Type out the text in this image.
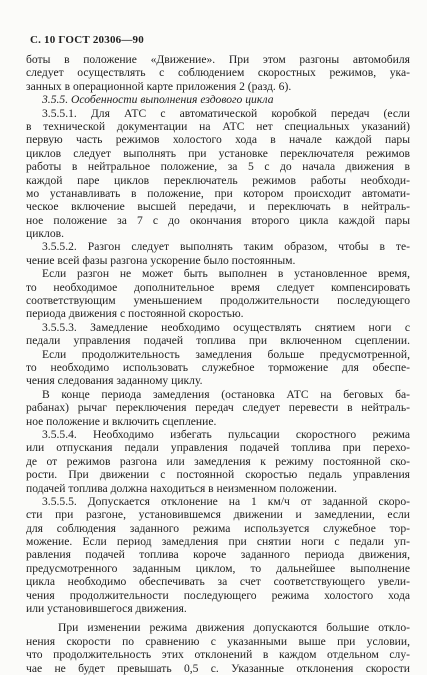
С. 10 ГОСТ 20306—90
боты в положение «Движение». При этом разгоны автомобиля
следует осуществлять с соблюдением скоростных режимов, ука-
занных в операционной карте приложения 2 (разд. 6).
3.5.5. Особенности выполнения ездового цикла
3.5.5.1. Для АТС с автоматической коробкой передач (если
в технической документации на АТС нет специальных указаний)
первую часть режимов холостого хода в начале каждой пары
циклов следует выполнять при установке переключателя режимов
работы в нейтральное положение, за 5 с до начала движения в
каждой паре циклов переключатель режимов работы необходи-
мо устанавливать в положение, при котором происходит автомати-
ческое включение высшей передачи, и переключать в нейтраль-
ное положение за 7 с до окончания второго цикла каждой пары
циклов.
3.5.5.2. Разгон следует выполнять таким образом, чтобы в те-
чение всей фазы разгона ускорение было постоянным.
Если разгон не может быть выполнен в установленное время,
то необходимое дополнительное время следует компенсировать
соответствующим уменьшением продолжительности последующего
периода движения с постоянной скоростью.
3.5.5.3. Замедление необходимо осуществлять снятием ноги с
педали управления подачей топлива при включенном сцеплении.
Если продолжительность замедления больше предусмотренной,
то необходимо использовать служебное торможение для обеспе-
чения следования заданному циклу.
В конце периода замедления (остановка АТС на беговых ба-
рабанах) рычаг переключения передач следует перевести в нейтраль-
ное положение и включить сцепление.
3.5.5.4. Необходимо избегать пульсации скоростного режима
или отпускания педали управления подачей топлива при перехо-
де от режимов разгона или замедления к режиму постоянной ско-
рости. При движении с постоянной скоростью педаль управления
подачей топлива должна находиться в неизменном положении.
3.5.5.5. Допускается отклонение на 1 км/ч от заданной скоро-
сти при разгоне, установившемся движении и замедлении, если
для соблюдения заданного режима используется служебное тор-
можение. Если период замедления при снятии ноги с педали уп-
равления подачей топлива короче заданного периода движения,
предусмотренного заданным циклом, то дальнейшее выполнение
цикла необходимо обеспечивать за счет соответствующего увели-
чения продолжительности последующего режима холостого хода
или установившегося движения.
При изменении режима движения допускаются большие откло-
нения скорости по сравнению с указанными выше при условии,
что продолжительность этих отклонений в каждом отдельном слу-
чае не будет превышать 0,5 с. Указанные отклонения скорости
